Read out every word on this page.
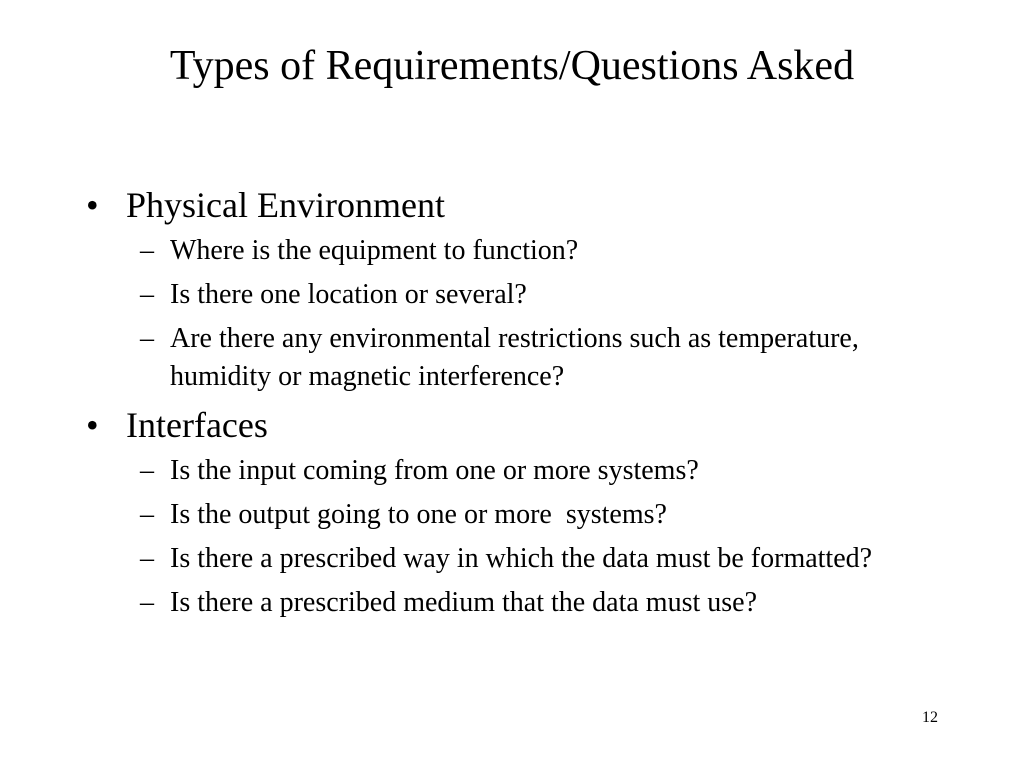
Types of Requirements/Questions Asked
• Physical Environment
– Where is the equipment to function?
– Is there one location or several?
– Are there any environmental restrictions such as temperature, humidity or magnetic interference?
• Interfaces
– Is the input coming from one or more systems?
– Is the output going to one or more  systems?
– Is there a prescribed way in which the data must be formatted?
– Is there a prescribed medium that the data must use?
12
